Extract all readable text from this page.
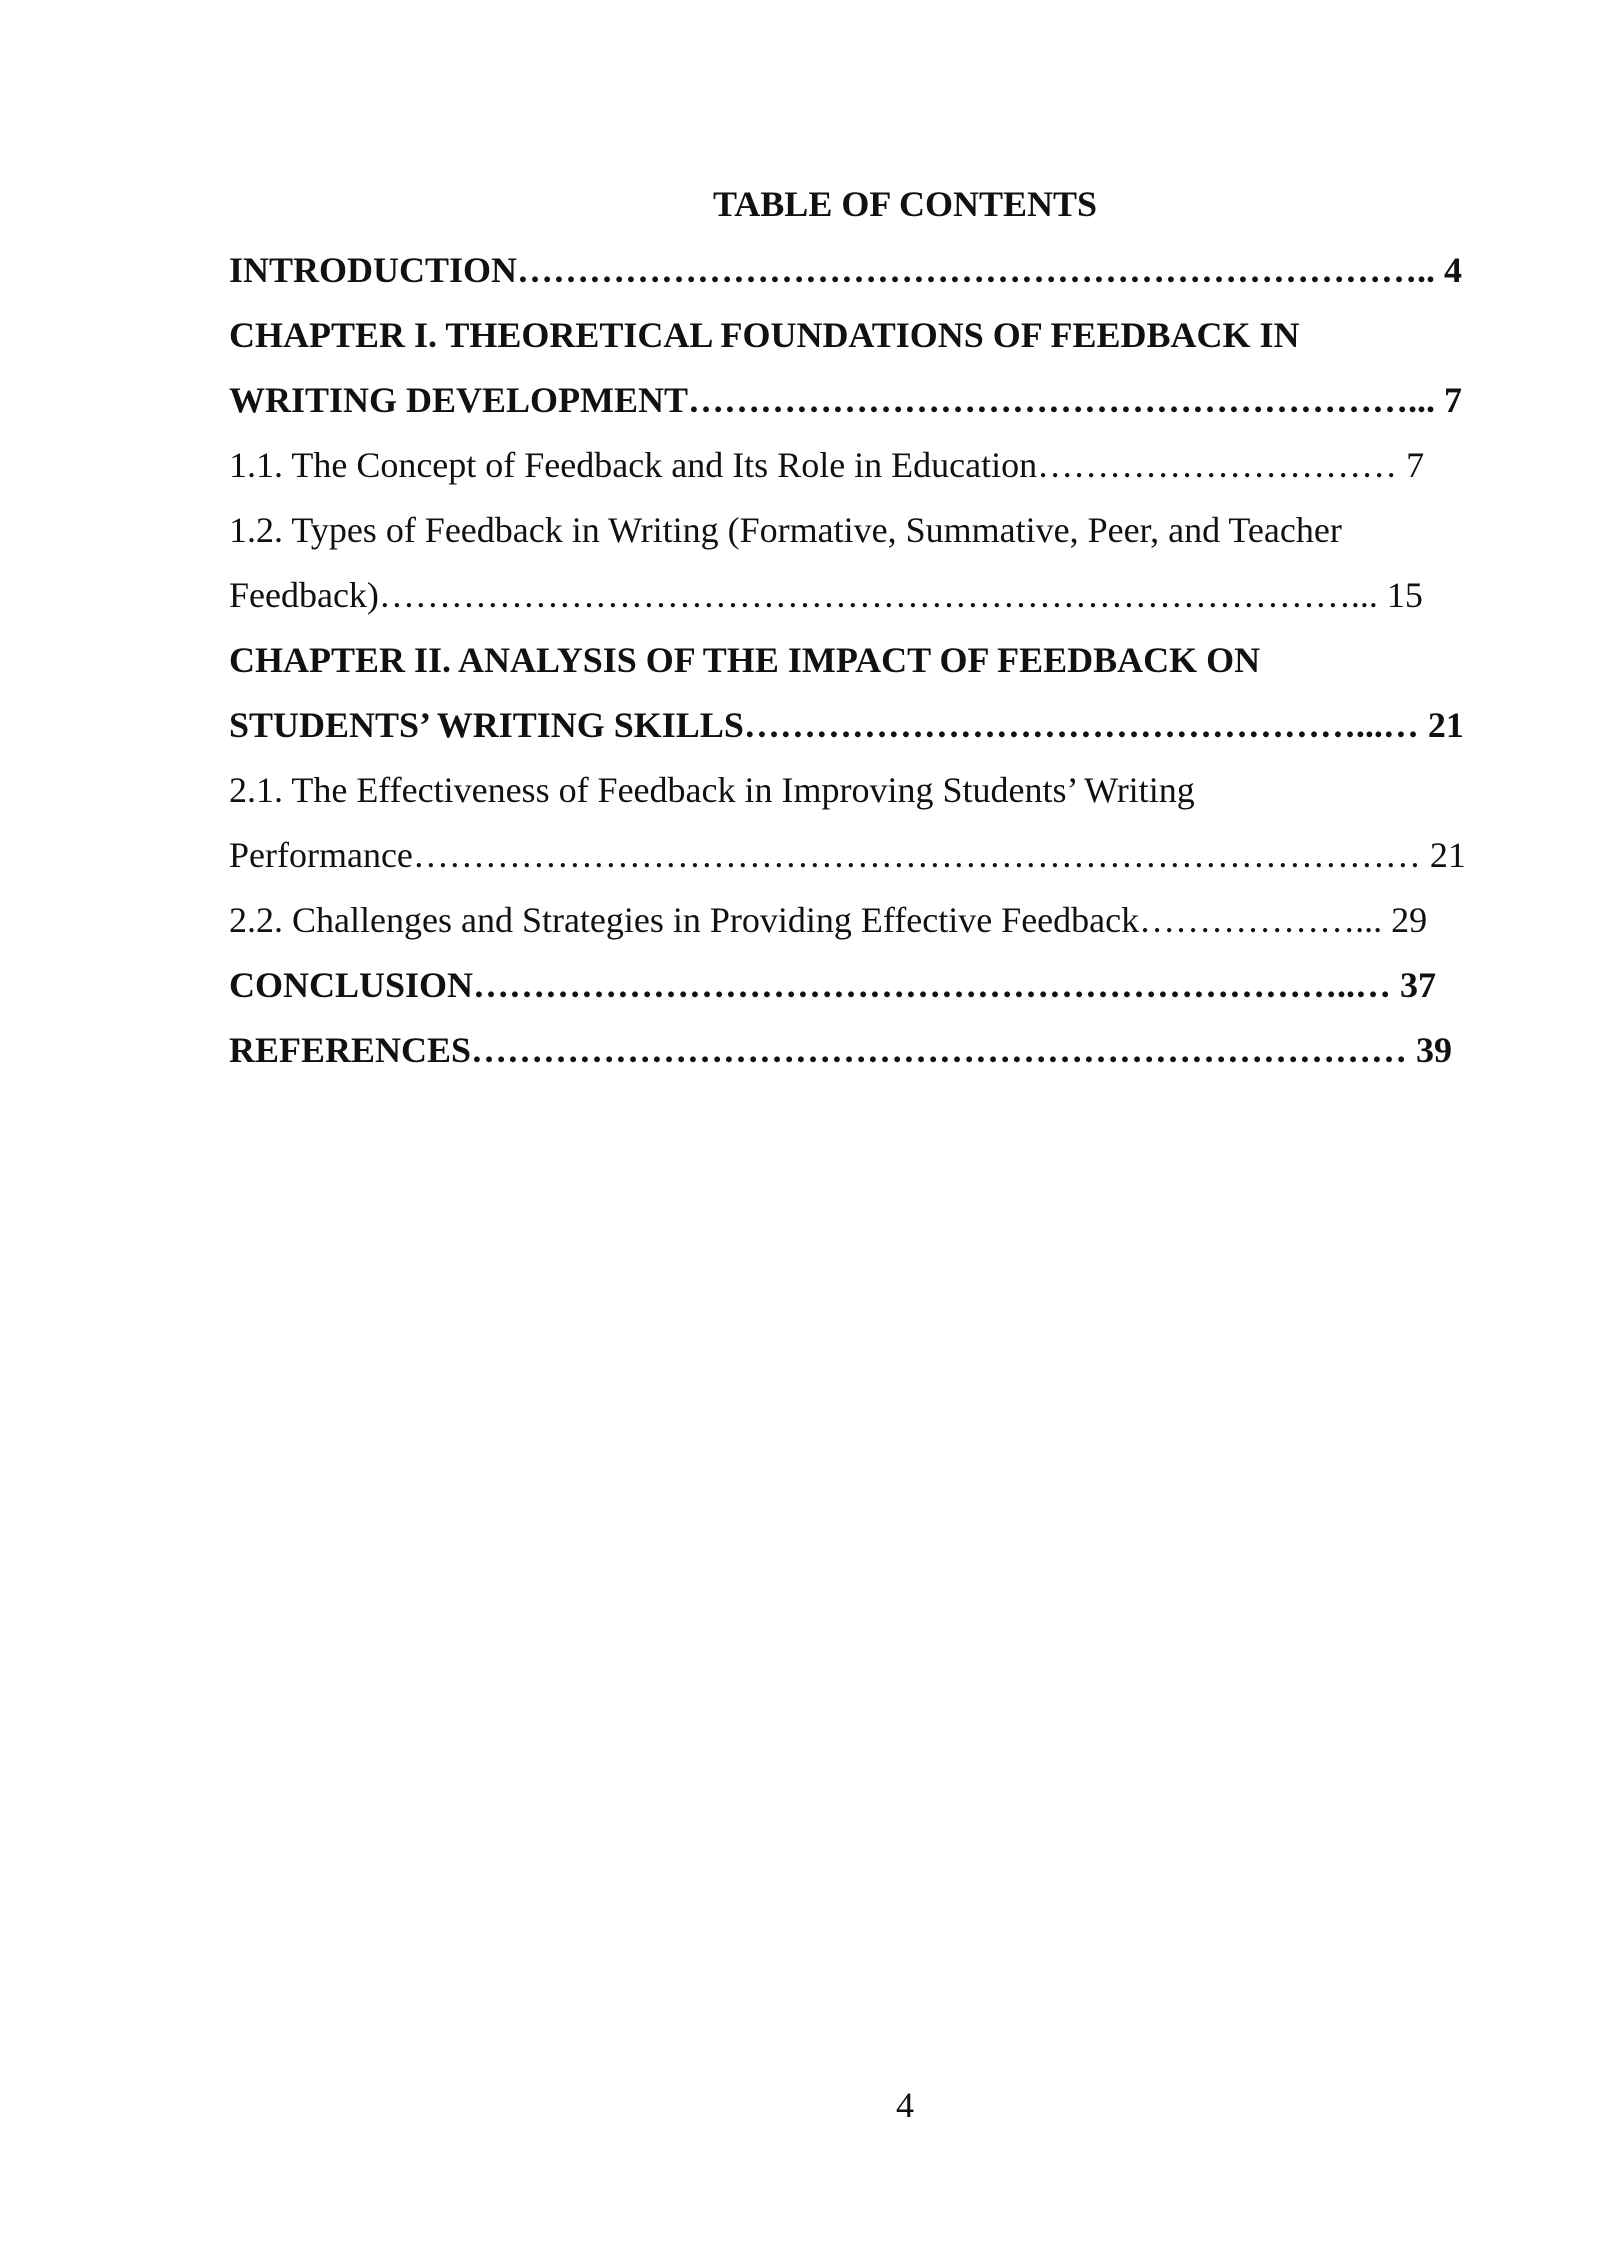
TABLE OF CONTENTS
INTRODUCTION………………………………………………………………….. 4
CHAPTER I. THEORETICAL FOUNDATIONS OF FEEDBACK IN
WRITING DEVELOPMENT……………………………………………………... 7
1.1. The Concept of Feedback and Its Role in Education………………………… 7
1.2. Types of Feedback in Writing (Formative, Summative, Peer, and Teacher
Feedback)………………………………………………………………………... 15
CHAPTER II. ANALYSIS OF THE IMPACT OF FEEDBACK ON
STUDENTS’ WRITING SKILLS……………………………………………...… 21
2.1. The Effectiveness of Feedback in Improving Students’ Writing
Performance………………………………………………………………………… 21
2.2. Challenges and Strategies in Providing Effective Feedback………………... 29
CONCLUSION………………………………………………………………..… 37
REFERENCES…………………………………………………………………… 39
4
